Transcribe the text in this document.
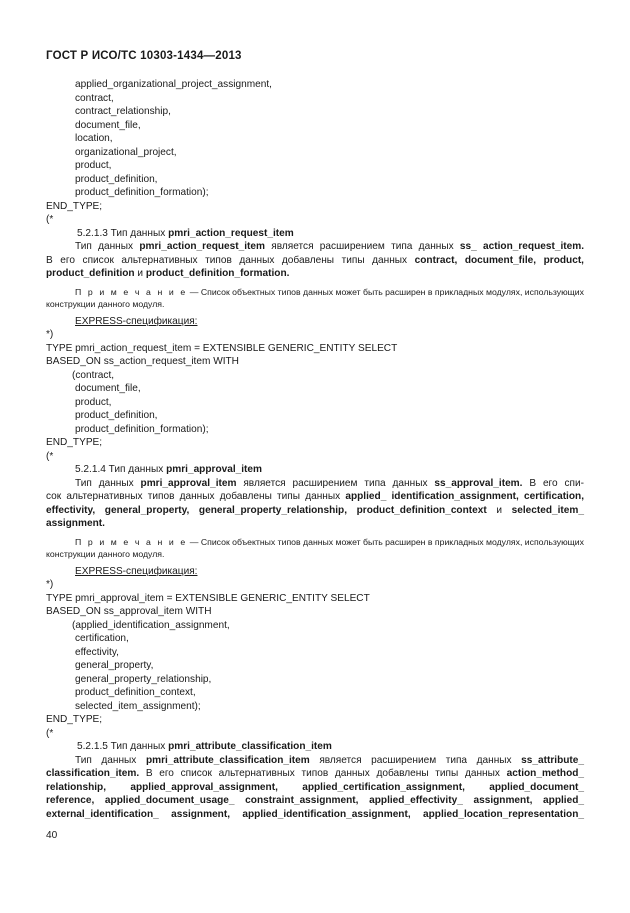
ГОСТ Р ИСО/ТС 10303-1434—2013
applied_organizational_project_assignment,
contract,
contract_relationship,
document_file,
location,
organizational_project,
product,
product_definition,
product_definition_formation);
END_TYPE;
(*
5.2.1.3 Тип данных pmri_action_request_item
Тип данных pmri_action_request_item является расширением типа данных ss_ action_request_item.
В его список альтернативных типов данных добавлены типы данных contract, document_file, product,
product_definition и product_definition_formation.
П р и м е ч а н и е — Список объектных типов данных может быть расширен в прикладных модулях, использующих конструкции данного модуля.
EXPRESS-спецификация:
*)
TYPE pmri_action_request_item = EXTENSIBLE GENERIC_ENTITY SELECT
BASED_ON ss_action_request_item WITH
(contract,
document_file,
product,
product_definition,
product_definition_formation);
END_TYPE;
(*
5.2.1.4 Тип данных pmri_approval_item
Тип данных pmri_approval_item является расширением типа данных ss_approval_item. В его спи-
сок альтернативных типов данных добавлены типы данных applied_ identification_assignment, certification,
effectivity, general_property, general_property_relationship, product_definition_context и selected_item_
assignment.
П р и м е ч а н и е — Список объектных типов данных может быть расширен в прикладных модулях, использующих конструкции данного модуля.
EXPRESS-спецификация:
*)
TYPE pmri_approval_item = EXTENSIBLE GENERIC_ENTITY SELECT
BASED_ON ss_approval_item WITH
(applied_identification_assignment,
certification,
effectivity,
general_property,
general_property_relationship,
product_definition_context,
selected_item_assignment);
END_TYPE;
(*
5.2.1.5 Тип данных pmri_attribute_classification_item
Тип данных pmri_attribute_classification_item является расширением типа данных ss_attribute_
classification_item. В его список альтернативных типов данных добавлены типы данных action_method_
relationship, applied_approval_assignment, applied_certification_assignment, applied_document_
reference, applied_document_usage_ constraint_assignment, applied_effectivity_ assignment, applied_
external_identification_ assignment, applied_identification_assignment, applied_location_representation_
40
